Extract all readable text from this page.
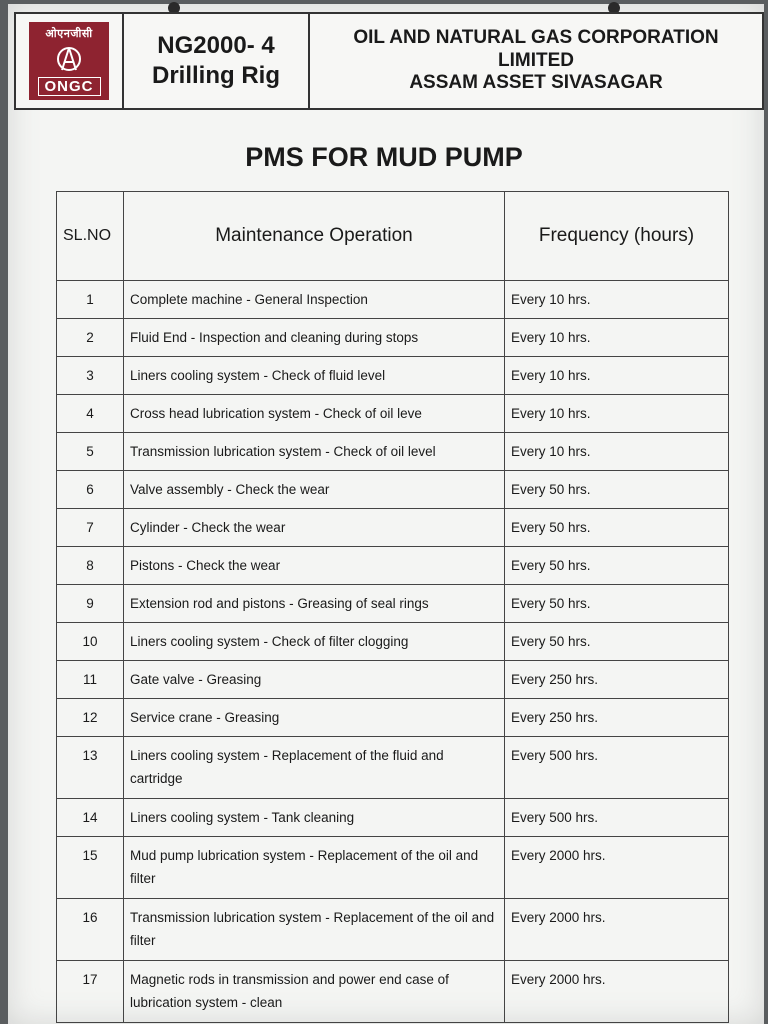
ओएनजीसी
ONGC
NG2000- 4
Drilling Rig
OIL AND NATURAL GAS CORPORATION
LIMITED
ASSAM ASSET SIVASAGAR
PMS FOR MUD PUMP
SL.NO	Maintenance Operation	Frequency (hours)
1	Complete machine - General Inspection	Every 10 hrs.
2	Fluid End - Inspection and cleaning during stops	Every 10 hrs.
3	Liners cooling system - Check of fluid level	Every 10 hrs.
4	Cross head lubrication system - Check of oil leve	Every 10 hrs.
5	Transmission lubrication system - Check of oil level	Every 10 hrs.
6	Valve assembly - Check the wear	Every 50 hrs.
7	Cylinder - Check the wear	Every 50 hrs.
8	Pistons - Check the wear	Every 50 hrs.
9	Extension rod and pistons - Greasing of seal rings	Every 50 hrs.
10	Liners cooling system - Check of filter clogging	Every 50 hrs.
11	Gate valve - Greasing	Every 250 hrs.
12	Service crane - Greasing	Every 250 hrs.
13	Liners cooling system - Replacement of the fluid and cartridge	Every 500 hrs.
14	Liners cooling system - Tank cleaning	Every 500 hrs.
15	Mud pump lubrication system - Replacement of the oil and filter	Every 2000 hrs.
16	Transmission lubrication system - Replacement of the oil and filter	Every 2000 hrs.
17	Magnetic rods in transmission and power end case of lubrication system - clean	Every 2000 hrs.
